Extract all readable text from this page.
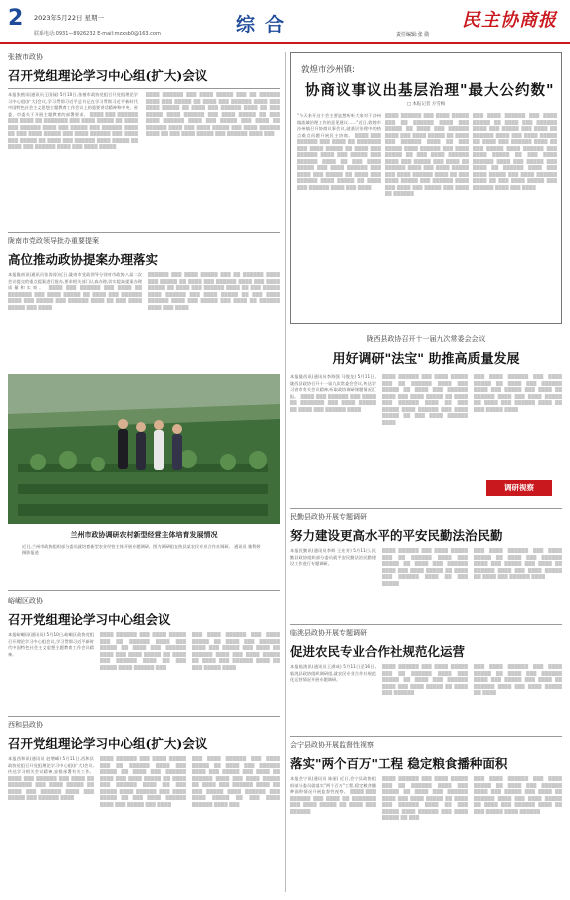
2 2023年5月22日 星期一
联系电话:0931—8926232 E-mail:mzxsb0@163.com	综合	责任编辑:张 勋
民主协商报
张掖市政协
召开党组理论学习中心组(扩大)会议
本报张掖讯(通讯员王国禄) 5月10日,张掖市政协党组召开党组理论学习中心组(扩大)会议,学习贯彻习近平总书记在学习贯彻习近平新时代中国特色社会主义思想主题教育工作会议上的重要讲话精神和中央、省委、市委关于开展主题教育的部署要求。 ████ ███ ██████ ███ ████ ██ ███████ ███ ████ █████ ██ ████ ███ ██████ ████ ███ █████ ███ ██████ ████ ██ ███ ████ █████ ███ ████ ██████ ███ ████ ███ █████ ██ ████ ███ ██████ ████ █████ ██ ████ ███ ██████ ████ ███ ████ █████
████ ██████ ███ ████ █████ ███ ██ ██████ ████ ███ █████ ██ ████ ███ ██████ ████ ███ ████ █████ ██ ████ ███ ██████ ████ ██ ███ █████ ████ ██████ ███ ████ █████ ██ ███ ████ ██████ ████ ███ █████ ███ ████ ██ ██████ ████ ███ ████ █████ ███ ████ ██████ ████ ██ ███ ████ █████ ███ ██████ ████ ███
陇南市党政领导批办重要提案
高位推动政协提案办理落实
本报陇南讯(通讯员张涛涛)近日,陇南市党政领导分别对市政协八届二次会议提交的重点提案进行批办,要求相关部门认真办理,切实提高提案办理质量和实效。 ████ ███ ██████ ███ ████ ██ ███████ ███ ████ █████ ██ ████ ███ ██████ ████ ███ █████ ███ ██████ ████ ██ ███ ████ █████ ███ ████
██████ ███ ████ █████ ███ ██ ██████ ████ ███ █████ ██ ████ ███ ██████ ████ ███ ████ █████ ██ ████ ███ ██████ ████ ██ ███ █████ ████ ██████ ███ ████ █████ ██ ███ ████ ██████ ████ ███ █████ ███ ████ ██ ██████ ████ ███ ████
兰州市政协调研农村新型经营主体培育发展情况
近日,兰州市政协组织部分委员就培育新型农业经营主体开展专题调研。图为调研组在陕县某农民专业合作社调研。 通讯员 雅利婷 摄影报道
峪嵋区政协
召开党组理论学习中心组会议
本报峪嵋讯(通讯员) 5月10日,峪嵋区政协党组召开理论学习中心组会议,学习贯彻习近平新时代中国特色社会主义思想主题教育工作会议精神。
████ ██████ ███ ████ █████ ███ ██ ██████ ████ ███ █████ ██ ████ ███ ██████ ████ ███ ████ █████ ██ ████ ███ ██████ ████ ██ ███ █████ ████ ██████ ███
███ ████ ██████ ███ ████ █████ ██ ████ ███ ██████ ████ ███ █████ ███ ████ ██ ██████ ████ ███ ████ █████ ██ ████ ███ ██████ ████ ██ ███ █████ ████
西和县政协
召开党组理论学习中心组(扩大)会议
本报西和讯(通讯员 赵增峰) 5月11日,西和县政协党组召开党组理论学习中心组(扩大)会议,传达学习相关会议精神,安排部署有关工作。 ████ ███ ██████ ███ ████ ██ ███████ ███ ████ █████ ██ ████ ███ ██████ ████ ███ █████ ███ ██████ ████
████ ██████ ███ ████ █████ ███ ██ ██████ ████ ███ █████ ██ ████ ███ ██████ ████ ███ ████ █████ ██ ████ ███ ██████ ████ ██ ███ █████ ████ ██████ ███ ████ █████ ██ ███ ████ ██████ ████ ███ █████ ███ ████
███ ████ ██████ ███ ████ █████ ██ ████ ███ ██████ ████ ███ █████ ███ ████ ██ ██████ ████ ███ ████ █████ ██ ████ ███ ██████ ████ ██ ███ █████ ████ ██████ ███ ████ █████ ██ ███ ████ ██████ ████ ███
敦煌市沙州镇:
协商议事议出基层治理"最大公约数"
□ 本报记者 方雪梅
"今天来开这个会主要是想听听大家对于沙州镇流域治理工作的意见建议……"近日,敦煌市沙州镇召开协商议事会议,就基层治理中的热点难点问题开展民主协商。 ████ ███ ██████ ███ ████ ██ ███████ ███ ████ █████ ██ ████ ███ ██████ ████ ███ █████ ███ ██████ ████ ██ ███ ████ █████ ███ ████ ██████ ███ ████ ███ █████ ██ ████ ███ ██████ ████ █████ ██ ████ ███ ██████ ████ ███ ████
████ ██████ ███ ████ █████ ███ ██ ██████ ████ ███ █████ ██ ████ ███ ██████ ████ ███ ████ █████ ██ ████ ███ ██████ ████ ██ ███ █████ ████ ██████ ███ ████ █████ ██ ███ ████ ██████ ████ ███ █████ ███ ████ ██ ██████ ████ ███ ████ █████ ███ ████ ██████ ████ ██ ███ ████ █████ ███ ██████ ████ ███ ████ ███ █████ ███ ████ ██ ██████
███ ████ ██████ ███ ████ █████ ██ ████ ███ ██████ ████ ███ █████ ███ ████ ██ ██████ ████ ███ ████ █████ ██ ████ ███ ██████ ████ ██ ███ █████ ████ ██████ ███ ████ █████ ██ ███ ████ ██████ ████ ███ █████ ███ ████ ██ ██████ ████ ███ ████ █████ ███ ████ ██████ ████ ██ ███ ████ █████ ███ ██████ ████ ███ ████
陇西县政协召开十一届九次常委会会议
用好调研"法宝" 助推高质量发展
本报陇西讯(通讯员李海强 马俊龙) 5月11日,陇西县政协召开十一届九次常委会会议,传达学习省市有关会议精神,听取政协调研课题情况汇报。 ████ ███ ██████ ███ ████ ██ ███████ ███ ████ █████ ██ ████ ███ ██████ ████
████ ██████ ███ ████ █████ ███ ██ ██████ ████ ███ █████ ██ ████ ███ ██████ ████ ███ ████ █████ ██ ████ ███ ██████ ████ ██ ███ █████ ████ ██████ ███ ████ █████ ██ ███ ████ ██████ ████
███ ████ ██████ ███ ████ █████ ██ ████ ███ ██████ ████ ███ █████ ███ ████ ██ ██████ ████ ███ ████ █████ ██ ████ ███ ██████ ████ ██ ███ █████ ████
调研视察
民勤县政协开展专题调研
努力建设更高水平的平安民勤法治民勤
本报民勤讯(通讯员李辉 王宏芳) 5月11日,民勤县政协组织部分委员就平安民勤法治民勤建设工作进行专题调研。
████ ██████ ███ ████ █████ ███ ██ ██████ ████ ███ █████ ██ ████ ███ ██████ ████ ███ ████ █████ ██ ████ ███ ██████ ████ ██ ███ █████
███ ████ ██████ ███ ████ █████ ██ ████ ███ ██████ ████ ███ █████ ███ ████ ██ ██████ ████ ███ ████ █████ ██ ████ ███ ██████ ████
临洮县政协开展专题调研
促进农民专业合作社规范化运营
本报临洮讯(通讯员王满成) 5月11日至16日,临洮县政协组织调研组,就农民专业合作社规范化运营情况开展专题调研。
████ ██████ ███ ████ █████ ███ ██ ██████ ████ ███ █████ ██ ████ ███ ██████ ████ ███ ████ █████ ██ ████ ███ ██████
███ ████ ██████ ███ ████ █████ ██ ████ ███ ██████ ████ ███ █████ ███ ████ ██ ██████ ████ ███ ████ █████ ██ ████
会宁县政协开展监督性视察
落实"两个百万"工程 稳定粮食播种面积
本报会宁讯(通讯员 陈丽) 近日,会宁县政协组织部分委员就落实"两个百万"工程,稳定粮食播种面积情况开展监督性视察。 ████ ███ ██████ ███ ████ ██ ███████ ███ ████ █████ ██ ████ ███ ██████
████ ██████ ███ ████ █████ ███ ██ ██████ ████ ███ █████ ██ ████ ███ ██████ ████ ███ ████ █████ ██ ████ ███ ██████ ████ ██ ███ █████ ████ ██████ ███ ████ █████ ██ ███
███ ████ ██████ ███ ████ █████ ██ ████ ███ ██████ ████ ███ █████ ███ ████ ██ ██████ ████ ███ ████ █████ ██ ████ ███ ██████ ████ ██ ███ █████ ████ ██████
